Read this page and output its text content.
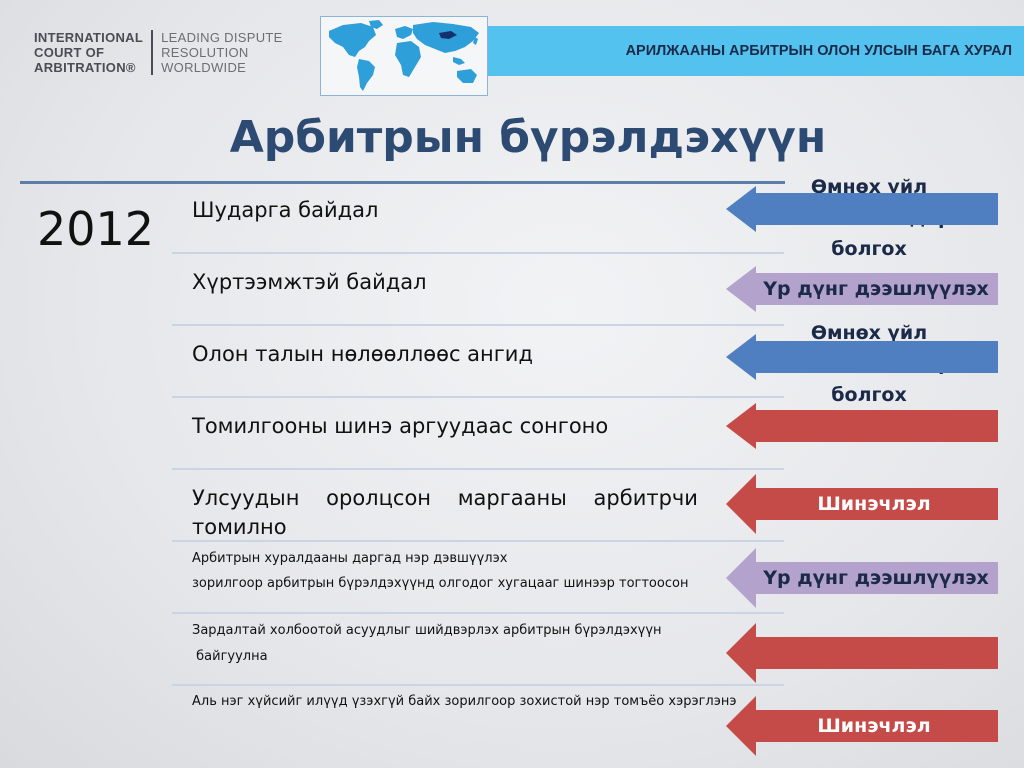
INTERNATIONAL
COURT OF
ARBITRATION®
LEADING DISPUTE
RESOLUTION
WORLDWIDE
АРИЛЖААНЫ АРБИТРЫН ОЛОН УЛСЫН БАГА ХУРАЛ
Арбитрын бүрэлдэхүүн
2012 Шударга байдал
Хүртээмжтэй байдал
Олон талын нөлөөллөөс ангид
Томилгооны шинэ аргуудаас сонгоно
Улсуудын    оролцсон    маргааны    арбитрчи
томилно
Арбитрын хуралдааны даргад нэр дэвшүүлэх
зорилгоор арбитрын бүрэлдэхүүнд олгодог хугацааг шинээр тогтоосон
Зардалтай холбоотой асуудлыг шийдвэрлэх арбитрын бүрэлдэхүүн
байгуулна
Аль нэг хүйсийг илүүд үзэхгүй байх зорилгоор зохистой нэр томъёо хэрэглэнэ
Үр дүнг дээшлүүлэх
Шинэчлэл
Үр дүнг дээшлүүлэх
Шинэчлэл
Өмнөх үйл
болгох
Өмнөх үйл
болгох
